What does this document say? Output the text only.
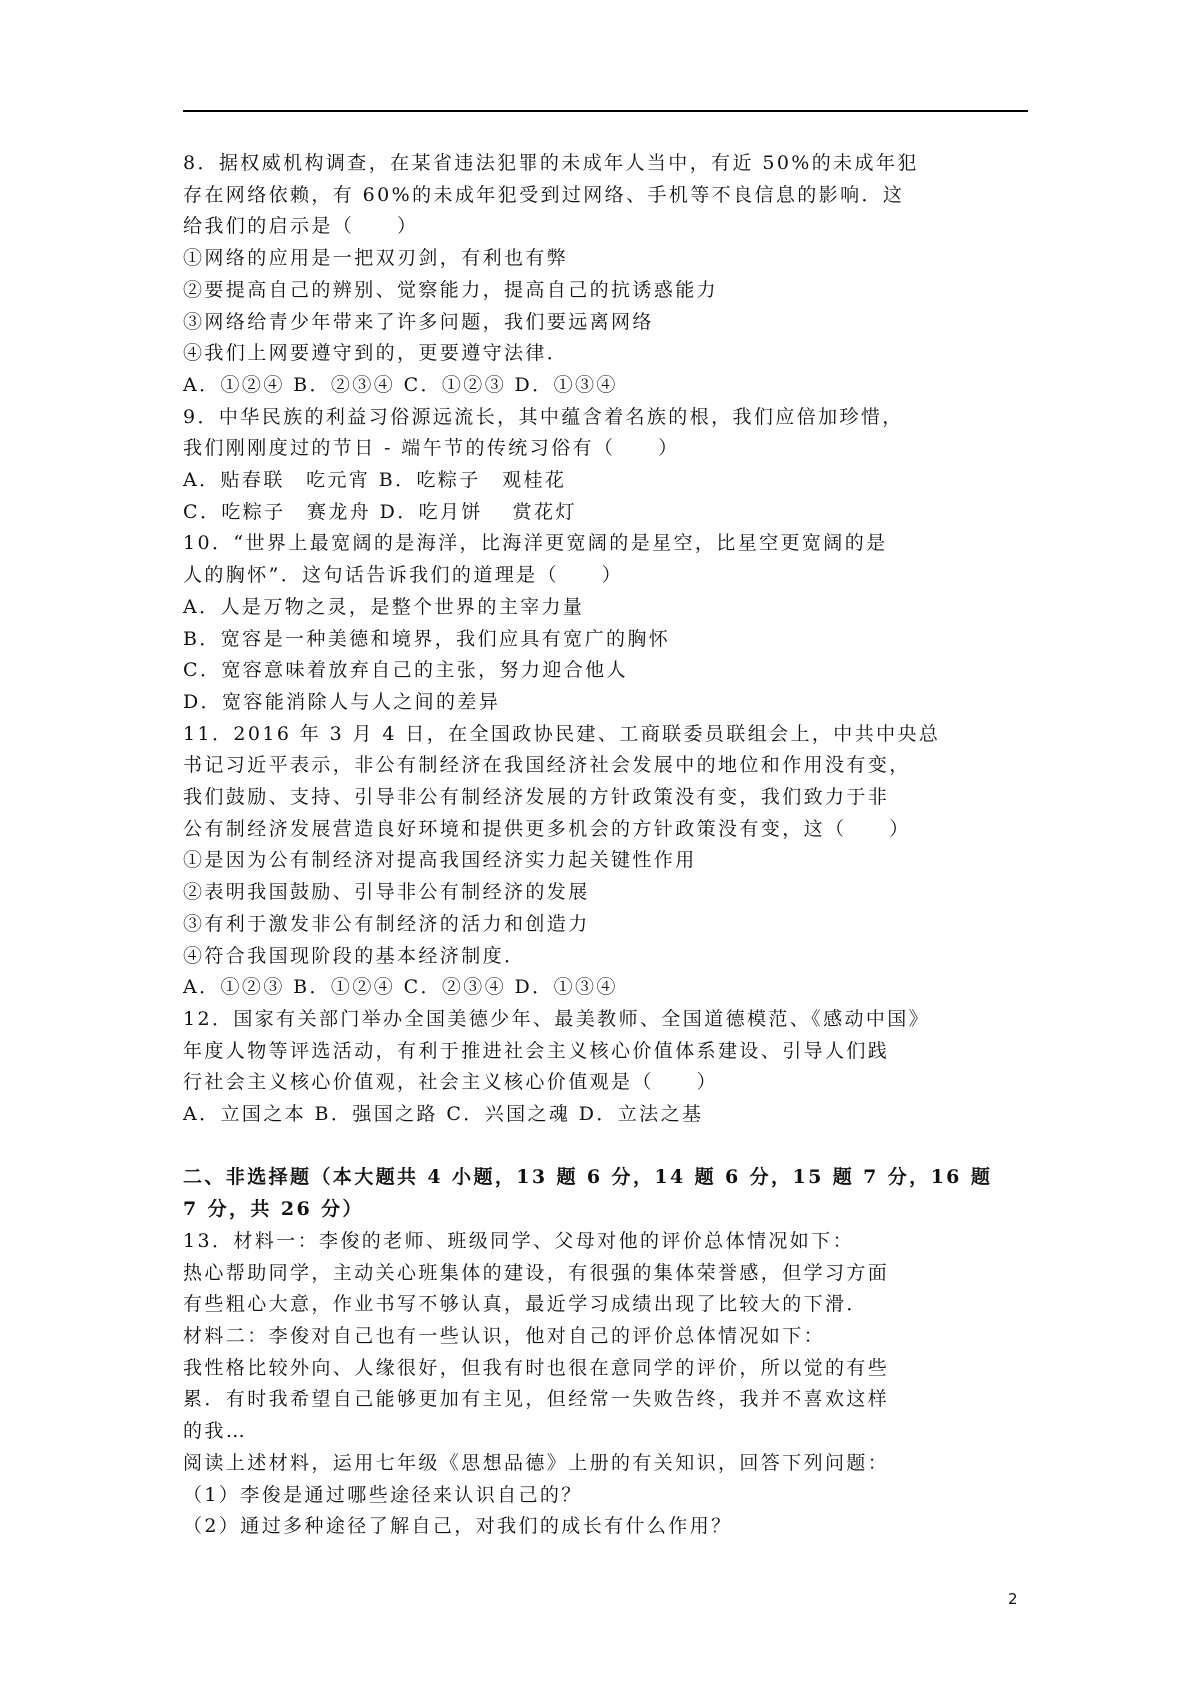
8．据权威机构调查，在某省违法犯罪的未成年人当中，有近 50%的未成年犯
存在网络依赖，有 60%的未成年犯受到过网络、手机等不良信息的影响．这
给我们的启示是（　　）
①网络的应用是一把双刃剑，有利也有弊
②要提高自己的辨别、觉察能力，提高自己的抗诱惑能力
③网络给青少年带来了许多问题，我们要远离网络
④我们上网要遵守到的，更要遵守法律．
A．①②④ B．②③④ C．①②③ D．①③④
9．中华民族的利益习俗源远流长，其中蕴含着名族的根，我们应倍加珍惜，
我们刚刚度过的节日 - 端午节的传统习俗有（　　）
A．贴春联　吃元宵 B．吃粽子　观桂花
C．吃粽子　赛龙舟 D．吃月饼　 赏花灯
10．“世界上最宽阔的是海洋，比海洋更宽阔的是星空，比星空更宽阔的是
人的胸怀”．这句话告诉我们的道理是（　　）
A．人是万物之灵，是整个世界的主宰力量
B．宽容是一种美德和境界，我们应具有宽广的胸怀
C．宽容意味着放弃自己的主张，努力迎合他人
D．宽容能消除人与人之间的差异
11．2016 年 3 月 4 日，在全国政协民建、工商联委员联组会上，中共中央总
书记习近平表示，非公有制经济在我国经济社会发展中的地位和作用没有变，
我们鼓励、支持、引导非公有制经济发展的方针政策没有变，我们致力于非
公有制经济发展营造良好环境和提供更多机会的方针政策没有变，这（　　）
①是因为公有制经济对提高我国经济实力起关键性作用
②表明我国鼓励、引导非公有制经济的发展
③有利于激发非公有制经济的活力和创造力
④符合我国现阶段的基本经济制度．
A．①②③ B．①②④ C．②③④ D．①③④
12．国家有关部门举办全国美德少年、最美教师、全国道德模范、《感动中国》
年度人物等评选活动，有利于推进社会主义核心价值体系建设、引导人们践
行社会主义核心价值观，社会主义核心价值观是（　　）
A．立国之本 B．强国之路 C．兴国之魂 D．立法之基
二、非选择题（本大题共 4 小题，13 题 6 分，14 题 6 分，15 题 7 分，16 题
7 分，共 26 分）
13．材料一：李俊的老师、班级同学、父母对他的评价总体情况如下：
热心帮助同学，主动关心班集体的建设，有很强的集体荣誉感，但学习方面
有些粗心大意，作业书写不够认真，最近学习成绩出现了比较大的下滑．
材料二：李俊对自己也有一些认识，他对自己的评价总体情况如下：
我性格比较外向、人缘很好，但我有时也很在意同学的评价，所以觉的有些
累．有时我希望自己能够更加有主见，但经常一失败告终，我并不喜欢这样
的我…
阅读上述材料，运用七年级《思想品德》上册的有关知识，回答下列问题：
（1）李俊是通过哪些途径来认识自己的？
（2）通过多种途径了解自己，对我们的成长有什么作用？
2
